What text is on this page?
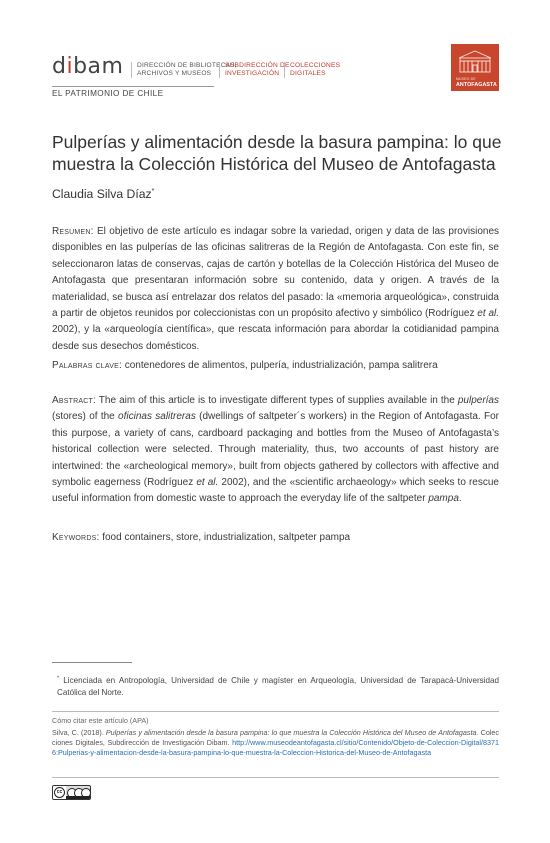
dibam DIRECCIÓN DE BIBLIOTECAS,
ARCHIVOS Y MUSEOS
SUBDIRECCIÓN DE
INVESTIGACIÓN
COLECCIONES
DIGITALES
EL PATRIMONIO DE CHILE
MUSEO DE
ANTOFAGASTA
Pulperías y alimentación desde la basura pampina: lo que muestra la Colección Histórica del Museo de Antofagasta
Claudia Silva Díaz*
Resumen: El objetivo de este artículo es indagar sobre la variedad, origen y data de las provisiones disponibles en las pulperías de las oficinas salitreras de la Región de Antofagasta. Con este fin, se seleccionaron latas de conservas, cajas de cartón y botellas de la Colección Histórica del Museo de Antofagasta que presentaran información sobre su contenido, data y origen. A través de la materialidad, se busca así entrelazar dos relatos del pasado: la «memoria arqueológica», construida a partir de objetos reunidos por coleccionistas con un propósito afectivo y simbólico (Rodríguez et al. 2002), y la «arqueología científica», que rescata información para abordar la cotidianidad pampina desde sus desechos domésticos.
Palabras clave: contenedores de alimentos, pulpería, industrialización, pampa salitrera
Abstract: The aim of this article is to investigate different types of supplies available in the pulperías (stores) of the oficinas salitreras (dwellings of saltpeter´s workers) in the Region of Antofagasta. For this purpose, a variety of cans, cardboard packaging and bottles from the Museo of Antofagasta’s historical collection were selected. Through materiality, thus, two accounts of past history are intertwined: the «archeological memory», built from objects gathered by collectors with affective and symbolic eagerness (Rodríguez et al. 2002), and the «scientific archaeology» which seeks to rescue useful information from domestic waste to approach the everyday life of the saltpeter pampa.
Keywords: food containers, store, industrialization, saltpeter pampa
* Licenciada en Antropología, Universidad de Chile y magíster en Arqueología, Universidad de Tarapacá-Universidad Católica del Norte.
Cómo citar este artículo (APA)
Silva, C. (2018). Pulperías y alimentación desde la basura pampina: lo que muestra la Colección Histórica del Museo de Antofagasta. Colecciones Digitales, Subdirección de Investigación Dibam. http://www.museodeantofagasta.cl/sitio/Contenido/Objeto-de-Coleccion-Digital/83716:Pulperias-y-alimentacion-desde-la-basura-pampina-lo-que-muestra-la-Coleccion-Historica-del-Museo-de-Antofagasta
cc
